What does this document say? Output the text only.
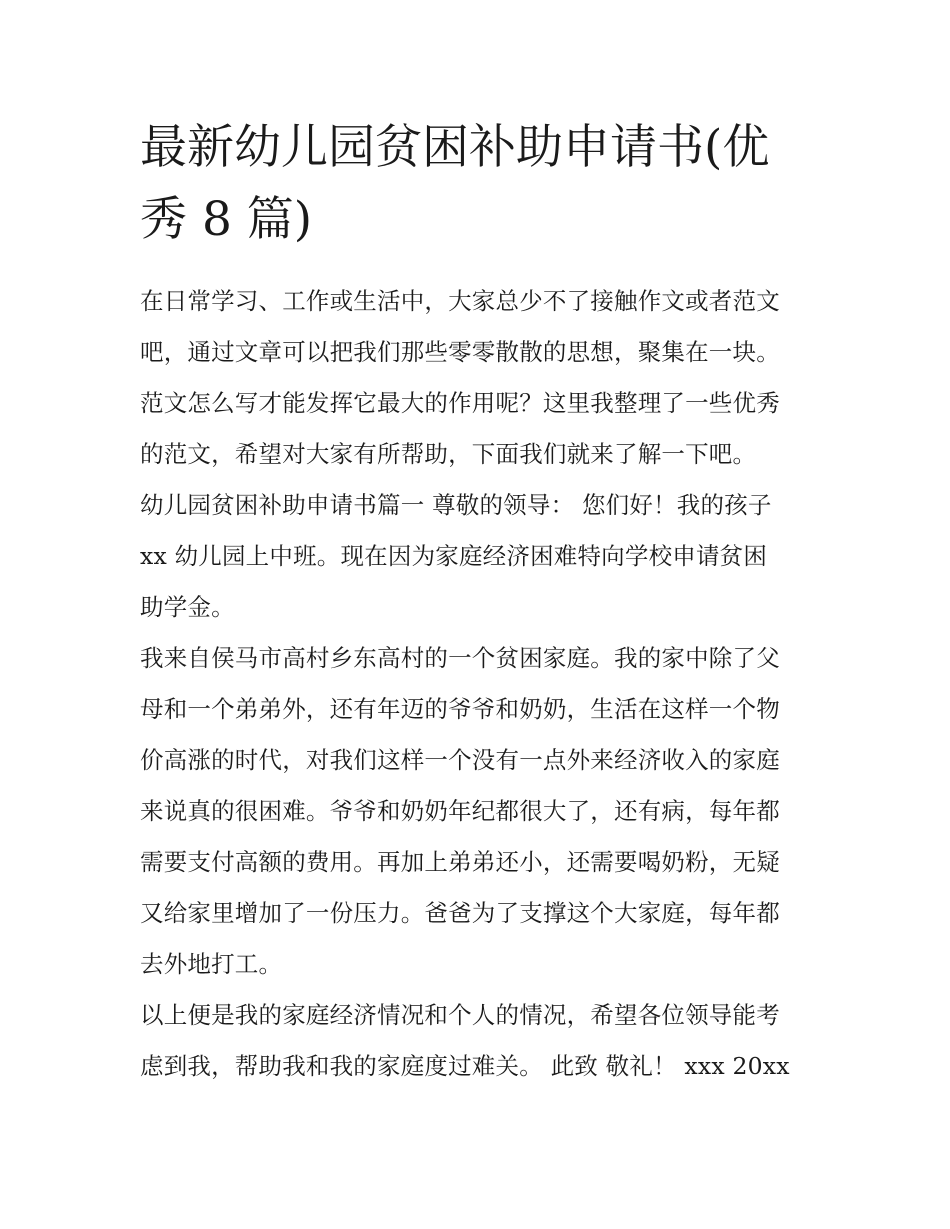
最新幼儿园贫困补助申请书(优
秀 8 篇)
在日常学习、工作或生活中，大家总少不了接触作文或者范文
吧，通过文章可以把我们那些零零散散的思想，聚集在一块。
范文怎么写才能发挥它最大的作用呢？这里我整理了一些优秀
的范文，希望对大家有所帮助，下面我们就来了解一下吧。
幼儿园贫困补助申请书篇一 尊敬的领导： 您们好！我的孩子
xx 幼儿园上中班。现在因为家庭经济困难特向学校申请贫困
助学金。
我来自侯马市高村乡东高村的一个贫困家庭。我的家中除了父
母和一个弟弟外，还有年迈的爷爷和奶奶，生活在这样一个物
价高涨的时代，对我们这样一个没有一点外来经济收入的家庭
来说真的很困难。爷爷和奶奶年纪都很大了，还有病，每年都
需要支付高额的费用。再加上弟弟还小，还需要喝奶粉，无疑
又给家里增加了一份压力。爸爸为了支撑这个大家庭，每年都
去外地打工。
以上便是我的家庭经济情况和个人的情况，希望各位领导能考
虑到我，帮助我和我的家庭度过难关。 此致 敬礼！ xxx 20xx
